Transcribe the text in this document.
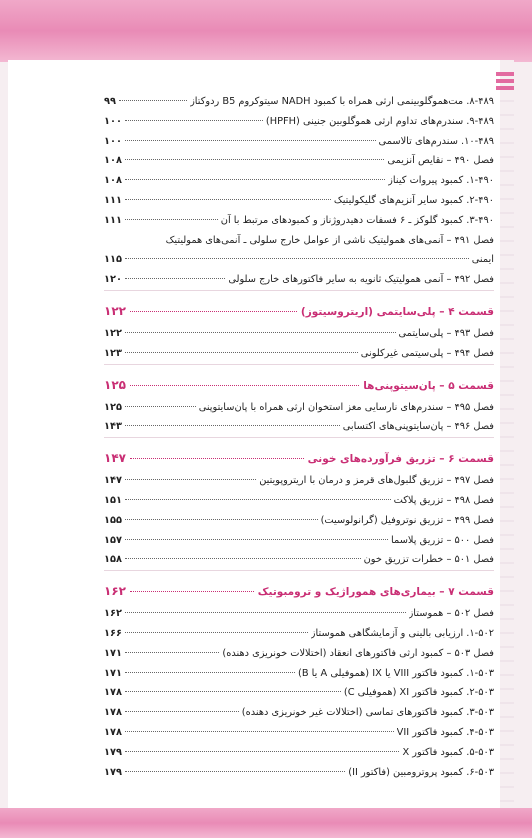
۸-۴۸۹. مت‌هموگلوبینمی ارثی همراه با کمبود NADH سیتوکروم B5 ردوکتاز
۹۹
۹-۴۸۹. سندرم‌های تداوم ارثی هموگلوبین جنینی (HPFH)
۱۰۰
۱۰-۴۸۹. سندرم‌های تالاسمی
۱۰۰
فصل ۴۹۰ – نقایص آنزیمی
۱۰۸
۱-۴۹۰. کمبود پیروات کیناز
۱۰۸
۲-۴۹۰. کمبود سایر آنزیم‌های گلیکولیتیک
۱۱۱
۳-۴۹۰. کمبود گلوکز ـ ۶ فسفات دهیدروژناز و کمبودهای مرتبط با آن
۱۱۱
فصل ۴۹۱ – آنمی‌های همولیتیک ناشی از عوامل خارج سلولی ـ آنمی‌های همولیتیک
ایمنی
۱۱۵
فصل ۴۹۲ – آنمی همولیتیک ثانویه به سایر فاکتورهای خارج سلولی
۱۲۰
قسمت ۴ – پلی‌سایتمی (اریتروسیتوز)
۱۲۲
فصل ۴۹۳ – پلی‌سایتمی
۱۲۲
فصل ۴۹۴ – پلی‌سیتمی غیرکلونی
۱۲۳
قسمت ۵ – پان‌سیتوپنی‌ها
۱۲۵
فصل ۴۹۵ – سندرم‌های نارسایی مغز استخوان ارثی همراه با پان‌سایتوپنی
۱۲۵
فصل ۴۹۶ – پان‌سایتوپنی‌های اکتسابی
۱۴۳
قسمت ۶ – تزریق فرآورده‌های خونی
۱۴۷
فصل ۴۹۷ – تزریق گلبول‌های قرمز و درمان با اریتروپویتین
۱۴۷
فصل ۴۹۸ – تزریق پلاکت
۱۵۱
فصل ۴۹۹ – تزریق نوتروفیل (گرانولوسیت)
۱۵۵
فصل ۵۰۰ – تزریق پلاسما
۱۵۷
فصل ۵۰۱ – خطرات تزریق خون
۱۵۸
قسمت ۷ – بیماری‌های هموراژیک و ترومبوتیک
۱۶۲
فصل ۵۰۲ – هموستاز
۱۶۲
۱-۵۰۲. ارزیابی بالینی و آزمایشگاهی هموستاز
۱۶۶
فصل ۵۰۳ – کمبود ارثی فاکتورهای انعقاد (اختلالات خونریزی دهنده)
۱۷۱
۱-۵۰۳. کمبود فاکتور VIII یا IX (هموفیلی A یا B)
۱۷۱
۲-۵۰۳. کمبود فاکتور XI (هموفیلی C)
۱۷۸
۳-۵۰۳. کمبود فاکتورهای تماسی (اختلالات غیر خونریزی دهنده)
۱۷۸
۴-۵۰۳. کمبود فاکتور VII
۱۷۸
۵-۵۰۳. کمبود فاکتور X
۱۷۹
۶-۵۰۳. کمبود پروترومبین (فاکتور II)
۱۷۹
